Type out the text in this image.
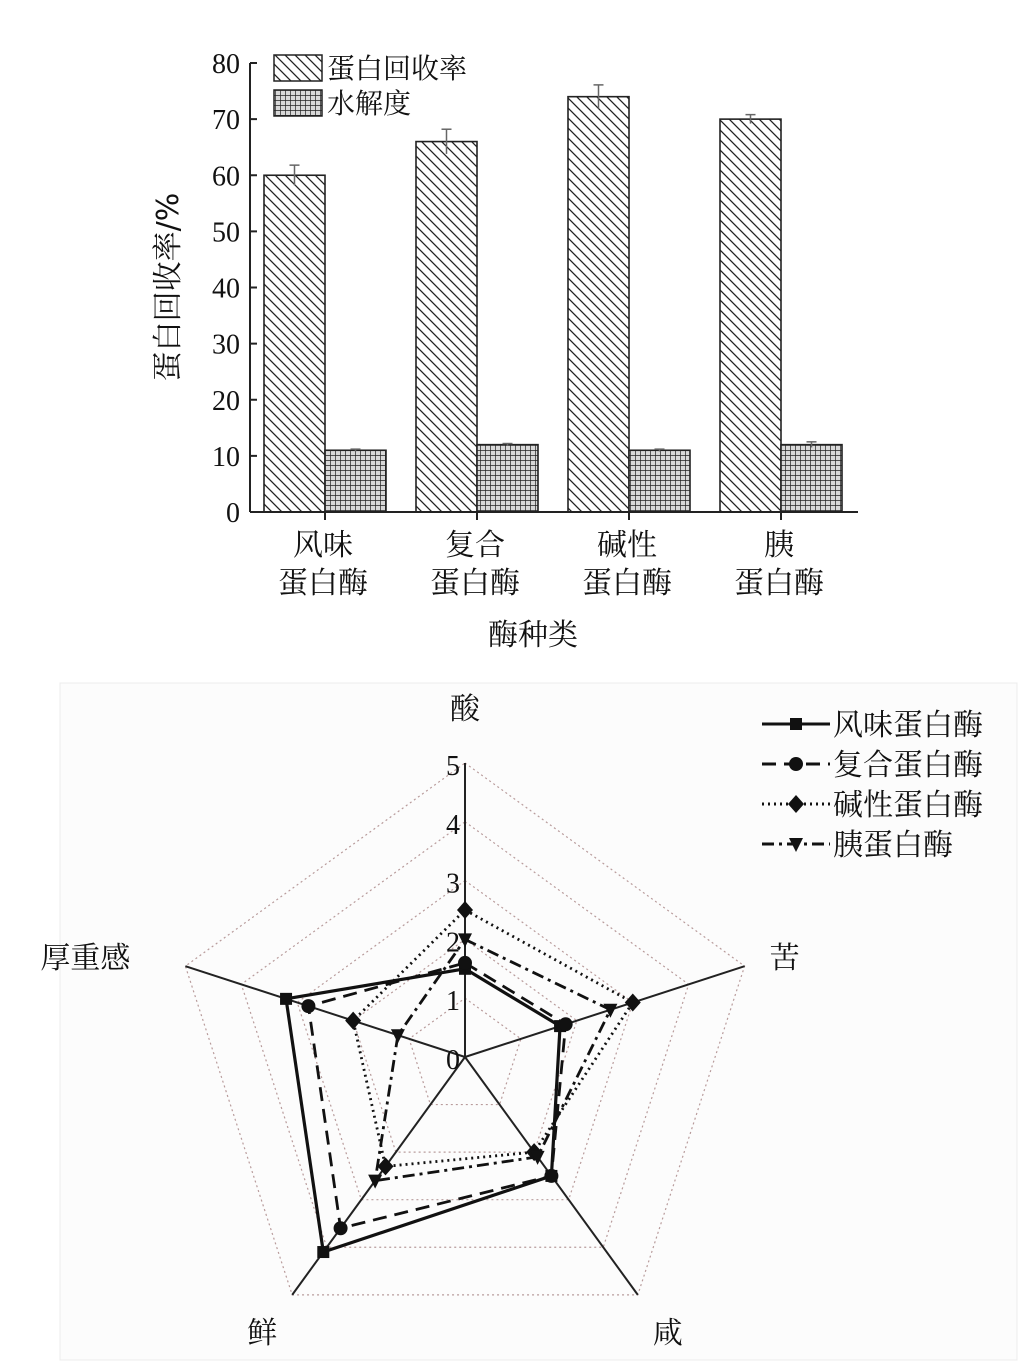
0
10
20
30
40
50
60
70
80
风味
蛋白酶
复合
蛋白酶
碱性
蛋白酶
胰
蛋白酶
蛋白回收率/%
酶种类
蛋白回收率
水解度
0
1
2
3
4
5
酸
苦
咸
鲜
厚重感
风味蛋白酶
复合蛋白酶
碱性蛋白酶
胰蛋白酶
